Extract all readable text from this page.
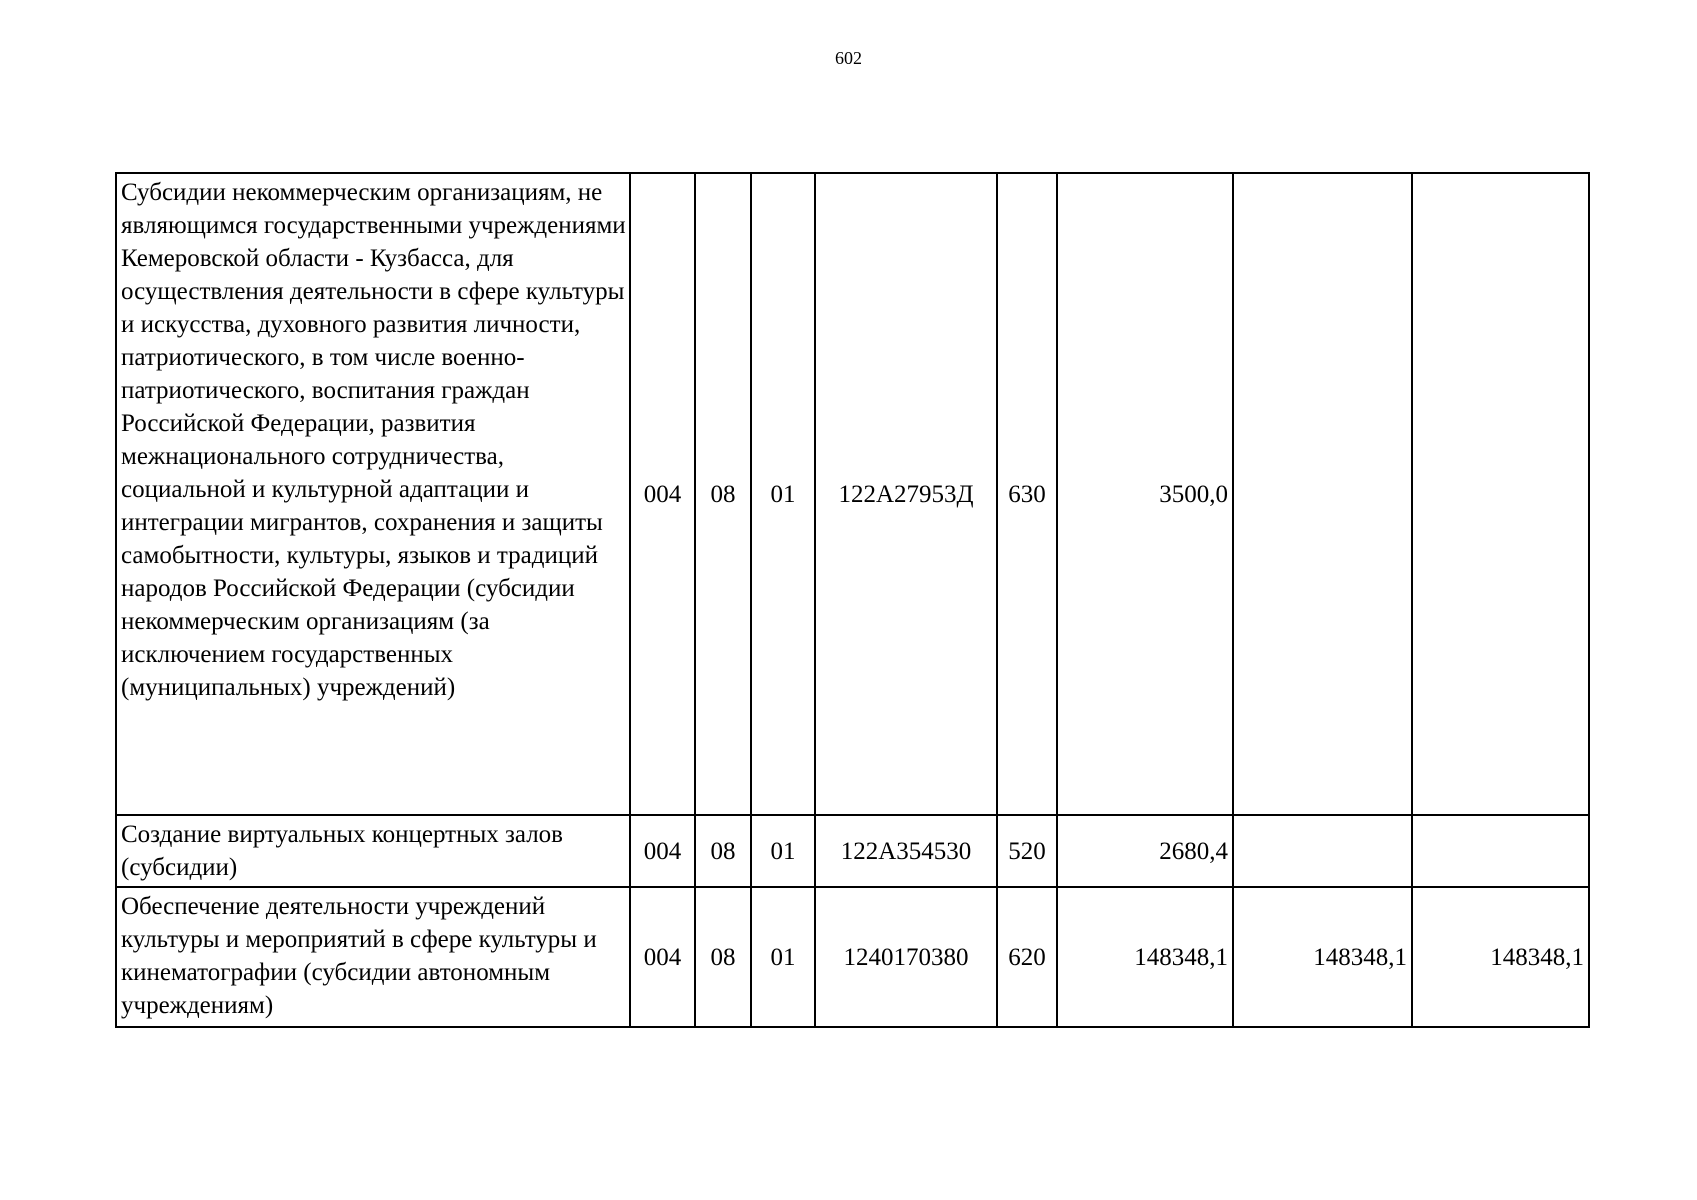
602
Субсидии некоммерческим организациям, не являющимся государственными учреждениями Кемеровской области - Кузбасса, для осуществления деятельности в сфере культуры и искусства, духовного развития личности, патриотического, в том числе военно-патриотического, воспитания граждан Российской Федерации, развития межнационального сотрудничества, социальной и культурной адаптации и интеграции мигрантов, сохранения и защиты самобытности, культуры, языков и традиций народов Российской Федерации (субсидии некоммерческим организациям (за исключением государственных (муниципальных) учреждений)	004	08	01	122А27953Д	630	3500,0		
Создание виртуальных концертных залов (субсидии)	004	08	01	122А354530	520	2680,4		
Обеспечение деятельности учреждений культуры и мероприятий в сфере культуры и кинематографии (субсидии автономным учреждениям)	004	08	01	1240170380	620	148348,1	148348,1	148348,1
